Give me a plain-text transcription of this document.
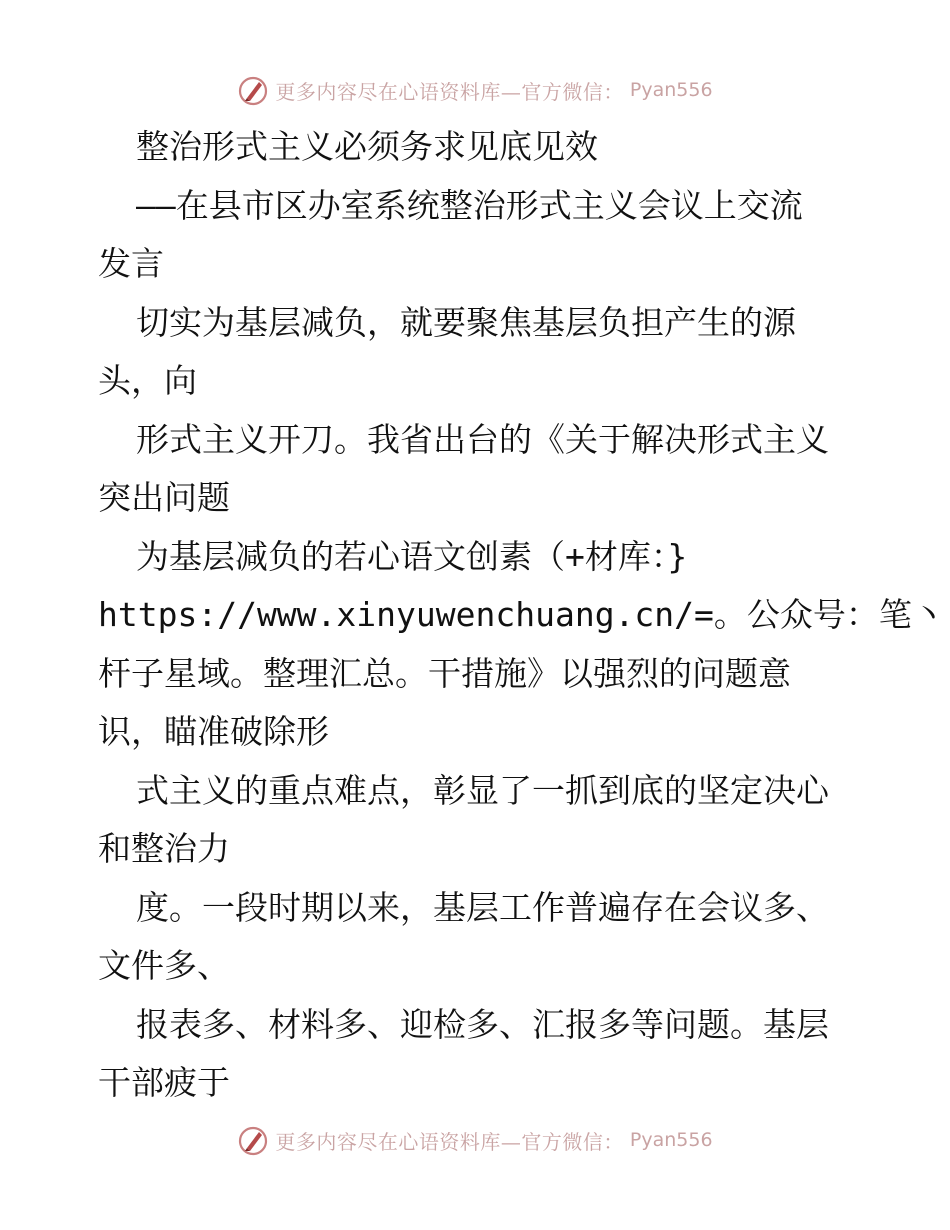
更多内容尽在心语资料库—官方微信： Pyan556
整治形式主义必须务求见底见效
——在县市区办室系统整治形式主义会议上交流
发言
切实为基层减负，就要聚焦基层负担产生的源
头，向
形式主义开刀。我省出台的《关于解决形式主义
突出问题
为基层减负的若心语文创素（+材库：}
https://www.xinyuwenchuang.cn/=。公众号：笔丶
杆子星域。整理汇总。干措施》以强烈的问题意
识，瞄准破除形
式主义的重点难点，彰显了一抓到底的坚定决心
和整治力
度。一段时期以来，基层工作普遍存在会议多、
文件多、
报表多、材料多、迎检多、汇报多等问题。基层
干部疲于
更多内容尽在心语资料库—官方微信： Pyan556
